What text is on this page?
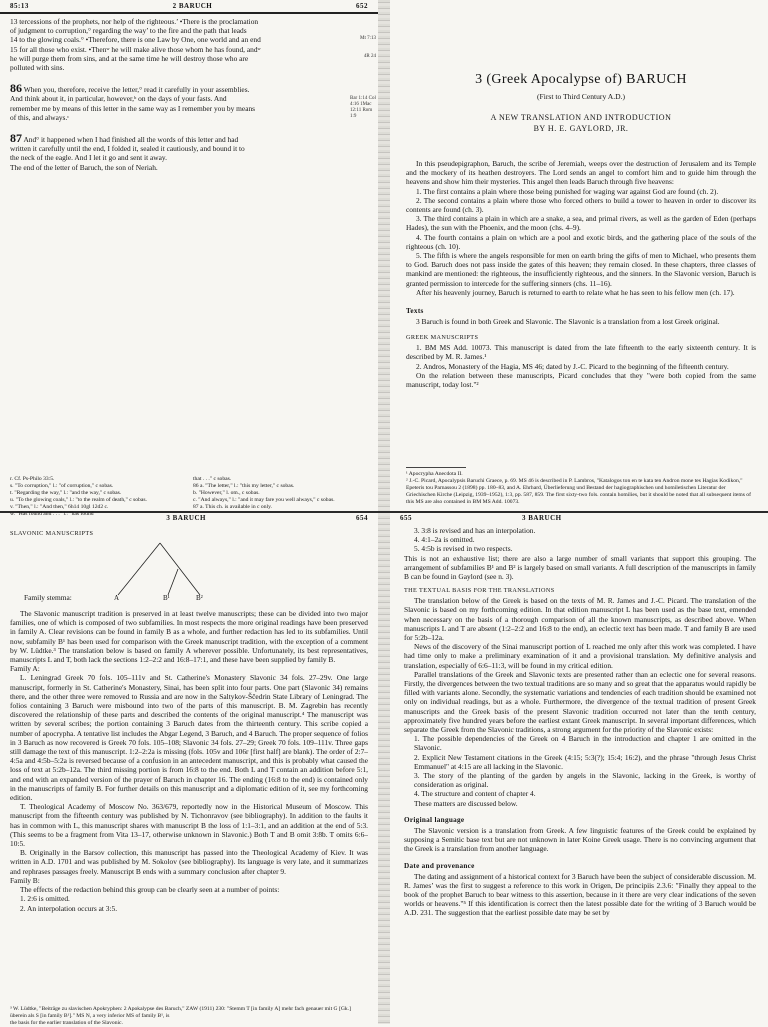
85:13	2 BARUCH	652

13 tercessions of the prophets, nor help of the righteous.’ •There is the proclamation

of judgment to corruption,° regarding the way’ to the fire and the path that leads

14 to the glowing coals.° •Therefore, there is one Law by One, one world and an end

15 for all those who exist. •Thenʷ he will make alive those whom he has found, andʷ

he will purge them from sins, and at the same time he will destroy those who are

polluted with sins.

Mt 7:13
4R 24

86 When you, therefore, receive the letter,° read it carefully in your assemblies.

And think about it, in particular, however,ᵇ on the days of your fasts. And

remember me by means of this letter in the same way as I remember you by means

of this, and always.ᶜ

Bar 1:14 Col 4:16 1Mac 12:11 Rom 1:9

87 And° it happened when I had finished all the words of this letter and had

written it carefully until the end, I folded it, sealed it cautiously, and bound it to

the neck of the eagle. And I let it go and sent it away.

The end of the letter of Baruch, the son of Neriah.

r. Cf. Ps-Philo 33:5.

s. "To corruption," l.: "of corruption," c sobas.

t. "Regarding the way," l.: "and the way," c sobas.

u. "To the glowing coals," l.: "to the realm of death," c sobas.

v. "Then," l.: "And then," 6h14 10gl 12d2 c.

w. "Has found and . . ." l.: "has found

that . . ." c sobas.

86 a. "The letter," l.: "this my letter," c sobas.

b. "However," l. om., c sobas.

c. "And always," l.: "and it may fare you well always," c sobas.

87 a. This ch. is available in c only.

3 (Greek Apocalypse of) BARUCH
(First to Third Century A.D.)
A NEW TRANSLATION AND INTRODUCTION
BY H. E. GAYLORD, JR.

In this pseudepigraphon, Baruch, the scribe of Jeremiah, weeps over the destruction of Jerusalem and its Temple and the mockery of its heathen destroyers. The Lord sends an angel to comfort him and to guide him through the heavens and show him their mysteries. This angel then leads Baruch through five heavens:

1. The first contains a plain where those being punished for waging war against God are found (ch. 2).

2. The second contains a plain where those who forced others to build a tower to heaven in order to discover its contents are found (ch. 3).

3. The third contains a plain in which are a snake, a sea, and primal rivers, as well as the garden of Eden (perhaps Hades), the sun with the Phoenix, and the moon (chs. 4–9).

4. The fourth contains a plain on which are a pool and exotic birds, and the gathering place of the souls of the righteous (ch. 10).

5. The fifth is where the angels responsible for men on earth bring the gifts of men to Michael, who presents them to God. Baruch does not pass inside the gates of this heaven; they remain closed. In these chapters, three classes of mankind are mentioned: the righteous, the insufficiently righteous, and the sinners. In the Slavonic version, Baruch is granted permission to intercede for the suffering sinners (chs. 11–16).

After his heavenly journey, Baruch is returned to earth to relate what he has seen to his fellow men (ch. 17).

Texts

3 Baruch is found in both Greek and Slavonic. The Slavonic is a translation from a lost Greek original.

GREEK MANUSCRIPTS

1. BM MS Add. 10073. This manuscript is dated from the late fifteenth to the early sixteenth century. It is described by M. R. James.¹

2. Andros, Monastery of the Hagia, MS 46; dated by J.-C. Picard to the beginning of the fifteenth century.

On the relation between these manuscripts, Picard concludes that they "were both copied from the same manuscript, today lost."²

¹ Apocrypha Anecdota II.

² J.-C. Picard, Apocalypsis Baruchi Graece, p. 69. MS 46 is described in P. Lambros, "Katalogos ton en te kata ten Andron mone tes Hagias Kodikon," Epeteris tou Parnassou 2 (1898) pp. 180–83, and A. Ehrhard, Überlieferung und Bestand der hagiographischen und homiletischen Literatur der Griechischen Kirche (Leipzig, 1939–1952), 1:3, pp. 587, 859. The first sixty-two fols. contain homilies, but it should be noted that all subsequent items of this MS are also contained in BM MS Add. 10073.

3 BARUCH	654
SLAVONIC MANUSCRIPTS
Family stemma:	A	B¹	B²

The Slavonic manuscript tradition is preserved in at least twelve manuscripts; these can be divided into two major families, one of which is composed of two subfamilies. In most respects the more original readings have been preserved in family A. Clear revisions can be found in family B as a whole, and further redaction has led to its subfamilies. Until now, subfamily B¹ has been used for comparison with the Greek manuscript tradition, with the exception of a comment by W. Lüdtke.³ The translation below is based on family A wherever possible. Unfortunately, its best representatives, manuscripts L and T, both lack the sections 1:2–2:2 and 16:8–17:1, and these have been supplied by family B.

Family A:

L. Leningrad Greek 70 fols. 105–111v and St. Catherine's Monastery Slavonic 34 fols. 27–29v. One large manuscript, formerly in St. Catherine's Monastery, Sinai, has been split into four parts. One part (Slavonic 34) remains there, and the other three were removed to Russia and are now in the Saltykov-Ščedrin State Library of Leningrad. The folios containing 3 Baruch were misbound into two of the parts of this manuscript. B. M. Zagrebin has recently discovered the relationship of these parts and described the contents of the original manuscript.⁴ The manuscript was written by several scribes; the portion containing 3 Baruch dates from the thirteenth century. This scribe copied a number of apocrypha. A tentative list includes the Abgar Legend, 3 Baruch, and 4 Baruch. The proper sequence of folios in 3 Baruch as now recovered is Greek 70 fols. 105–108; Slavonic 34 fols. 27–29; Greek 70 fols. 109–111v. Three gaps still damage the text of this manuscript. 1:2–2:2a is missing (fols. 105v and 106r [first half] are blank). The order of 2:7–4:5a and 4:5b–5:2a is reversed because of a confusion in an antecedent manuscript, and this is probably what caused the loss of text at 5:2b–12a. The third missing portion is from 16:8 to the end. Both L and T contain an addition before 5:1, and end with an expanded version of the prayer of Baruch in chapter 16. The ending (16:8 to the end) is contained only in the manuscripts of family B. For further details on this manuscript and a diplomatic edition of it, see my forthcoming edition.

T. Theological Academy of Moscow No. 363/679, reportedly now in the Historical Museum of Moscow. This manuscript from the fifteenth century was published by N. Tichonravov (see bibliography). In addition to the faults it has in common with L, this manuscript shares with manuscript B the loss of 1:1–3:1, and an addition at the end of 5:3. (This seems to be a fragment from Vita 13–17, otherwise unknown in Slavonic.) Both T and B omit 3:8b. T omits 6:6–10:5.

B. Originally in the Barsov collection, this manuscript has passed into the Theological Academy of Kiev. It was written in A.D. 1701 and was published by M. Sokolov (see bibliography). Its language is very late, and it summarizes and rephrases passages freely. Manuscript B ends with a summary conclusion after chapter 9.

Family B:

The effects of the redaction behind this group can be clearly seen at a number of points:

1. 2:6 is omitted.

2. An interpolation occurs at 3:5.

³ W. Lüdtke, "Beiträge zu slavischen Apokryphen: 2 Apokalypse des Baruch," ZAW (1911) 230: "Stemm T [in family A] mehr fach genauer mit G [Gk.] überein als S [in family B¹]." MS N, a very inferior MS of family B¹, is

the basis for the earlier translation of the Slavonic.

655	3 BARUCH

3. 3:8 is revised and has an interpolation.

4. 4:1–2a is omitted.

5. 4:5b is revised in two respects.

This is not an exhaustive list; there are also a large number of small variants that support this grouping. The arrangement of subfamilies B¹ and B² is largely based on small variants. A full description of the manuscripts in family B can be found in Gaylord (see n. 3).

THE TEXTUAL BASIS FOR THE TRANSLATIONS

The translation below of the Greek is based on the texts of M. R. James and J.-C. Picard. The translation of the Slavonic is based on my forthcoming edition. In that edition manuscript L has been used as the base text, emended when necessary on the basis of a thorough comparison of all the known manuscripts, as described above. When manuscripts L and T are absent (1:2–2:2 and 16:8 to the end), an eclectic text has been made. T and family B are used for 5:2b–12a.

News of the discovery of the Sinai manuscript portion of L reached me only after this work was completed. I have had time only to make a preliminary examination of it and a provisional translation. My definitive analysis and translation, especially of 6:6–11:3, will be found in my critical edition.

Parallel translations of the Greek and Slavonic texts are presented rather than an eclectic one for several reasons. Firstly, the divergences between the two textual traditions are so many and so great that the apparatus would rapidly be filled with variants alone. Secondly, the systematic variations and tendencies of each tradition should be examined not only on individual readings, but as a whole. Furthermore, the divergence of the textual tradition of present Greek manuscripts and the Greek basis of the present Slavonic tradition occurred not later than the tenth century, approximately five hundred years before the earliest extant Greek manuscript. In several important differences, which separate the Greek from the Slavonic traditions, a strong argument for the priority of the Slavonic exists:

1. The possible dependencies of the Greek on 4 Baruch in the introduction and chapter 1 are omitted in the Slavonic.

2. Explicit New Testament citations in the Greek (4:15; 5:3(?); 15:4; 16:2), and the phrase "through Jesus Christ Emmanuel" at 4:15 are all lacking in the Slavonic.

3. The story of the planting of the garden by angels in the Slavonic, lacking in the Greek, is worthy of consideration as original.

4. The structure and content of chapter 4.

These matters are discussed below.

Original language

The Slavonic version is a translation from Greek. A few linguistic features of the Greek could be explained by supposing a Semitic base text but are not unknown in later Koine Greek usage. There is no convincing argument that the Greek is a translation from another language.

Date and provenance

The dating and assignment of a historical context for 3 Baruch have been the subject of considerable discussion. M. R. James’ was the first to suggest a reference to this work in Origen, De principiis 2.3.6: "Finally they appeal to the book of the prophet Baruch to bear witness to this assertion, because in it there are very clear indications of the seven worlds or heavens."⁵ If this identification is correct then the latest possible date for the writing of 3 Baruch would be A.D. 231. The suggestion that the earliest possible date may be set by
